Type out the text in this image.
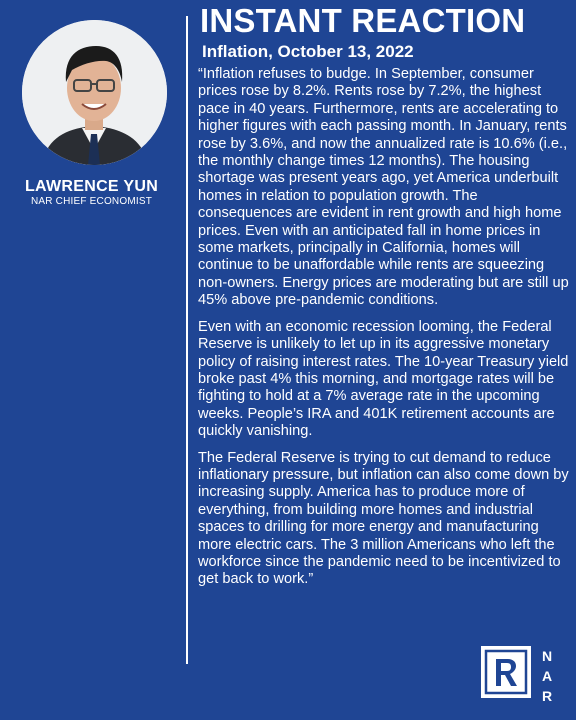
LAWRENCE YUN
NAR CHIEF ECONOMIST
INSTANT REACTION
Inflation, October 13, 2022

“Inflation refuses to budge. In September, consumer prices rose by 8.2%. Rents rose by 7.2%, the highest pace in 40 years. Furthermore, rents are accelerating to higher figures with each passing month. In January, rents rose by 3.6%, and now the annualized rate is 10.6% (i.e., the monthly change times 12 months). The housing shortage was present years ago, yet America underbuilt homes in relation to population growth. The consequences are evident in rent growth and high home prices. Even with an anticipated fall in home prices in some markets, principally in California, homes will continue to be unaffordable while rents are squeezing non-owners. Energy prices are moderating but are still up 45% above pre-pandemic conditions.

Even with an economic recession looming, the Federal Reserve is unlikely to let up in its aggressive monetary policy of raising interest rates. The 10-year Treasury yield broke past 4% this morning, and mortgage rates will be fighting to hold at a 7% average rate in the upcoming weeks. People’s IRA and 401K retirement accounts are quickly vanishing.

The Federal Reserve is trying to cut demand to reduce inflationary pressure, but inflation can also come down by increasing supply. America has to produce more of everything, from building more homes and industrial spaces to drilling for more energy and manufacturing more electric cars. The 3 million Americans who left the workforce since the pandemic need to be incentivized to get back to work.”

N
A
R
